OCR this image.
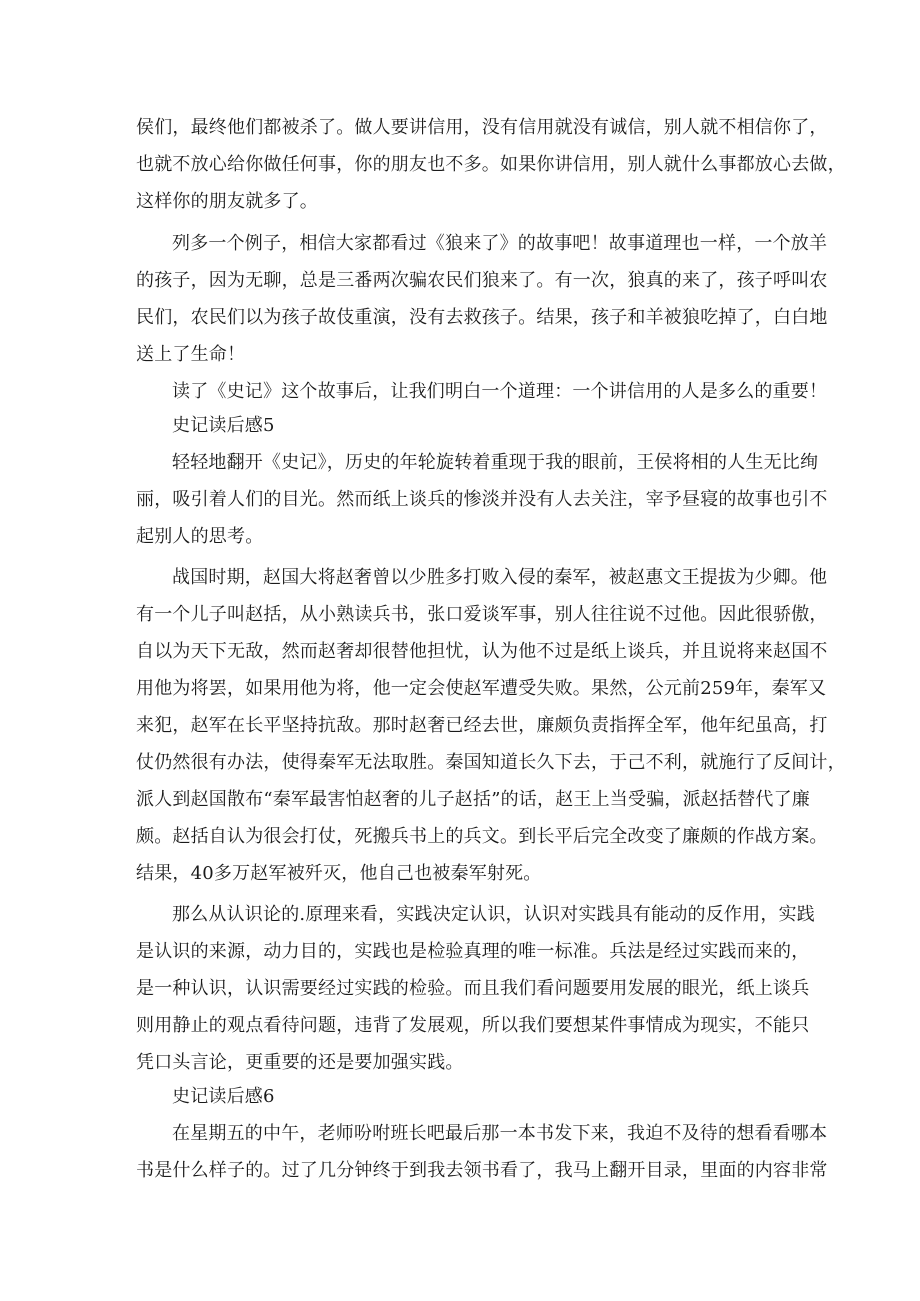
侯们，最终他们都被杀了。做人要讲信用，没有信用就没有诚信，别人就不相信你了，

也就不放心给你做任何事，你的朋友也不多。如果你讲信用，别人就什么事都放心去做，

这样你的朋友就多了。

列多一个例子，相信大家都看过《狼来了》的故事吧！故事道理也一样，一个放羊

的孩子，因为无聊，总是三番两次骗农民们狼来了。有一次，狼真的来了，孩子呼叫农

民们，农民们以为孩子故伎重演，没有去救孩子。结果，孩子和羊被狼吃掉了，白白地

送上了生命！

读了《史记》这个故事后，让我们明白一个道理：一个讲信用的人是多么的重要！

史记读后感5

轻轻地翻开《史记》，历史的年轮旋转着重现于我的眼前，王侯将相的人生无比绚

丽，吸引着人们的目光。然而纸上谈兵的惨淡并没有人去关注，宰予昼寝的故事也引不

起别人的思考。

战国时期，赵国大将赵奢曾以少胜多打败入侵的秦军，被赵惠文王提拔为少卿。他

有一个儿子叫赵括，从小熟读兵书，张口爱谈军事，别人往往说不过他。因此很骄傲，

自以为天下无敌，然而赵奢却很替他担忧，认为他不过是纸上谈兵，并且说将来赵国不

用他为将罢，如果用他为将，他一定会使赵军遭受失败。果然，公元前259年，秦军又

来犯，赵军在长平坚持抗敌。那时赵奢已经去世，廉颇负责指挥全军，他年纪虽高，打

仗仍然很有办法，使得秦军无法取胜。秦国知道长久下去，于己不利，就施行了反间计，

派人到赵国散布“秦军最害怕赵奢的儿子赵括”的话，赵王上当受骗，派赵括替代了廉

颇。赵括自认为很会打仗，死搬兵书上的兵文。到长平后完全改变了廉颇的作战方案。

结果，40多万赵军被歼灭，他自己也被秦军射死。

那么从认识论的.原理来看，实践决定认识，认识对实践具有能动的反作用，实践

是认识的来源，动力目的，实践也是检验真理的唯一标准。兵法是经过实践而来的，

是一种认识，认识需要经过实践的检验。而且我们看问题要用发展的眼光，纸上谈兵

则用静止的观点看待问题，违背了发展观，所以我们要想某件事情成为现实，不能只

凭口头言论，更重要的还是要加强实践。

史记读后感6

在星期五的中午，老师吩咐班长吧最后那一本书发下来，我迫不及待的想看看哪本

书是什么样子的。过了几分钟终于到我去领书看了，我马上翻开目录，里面的内容非常
